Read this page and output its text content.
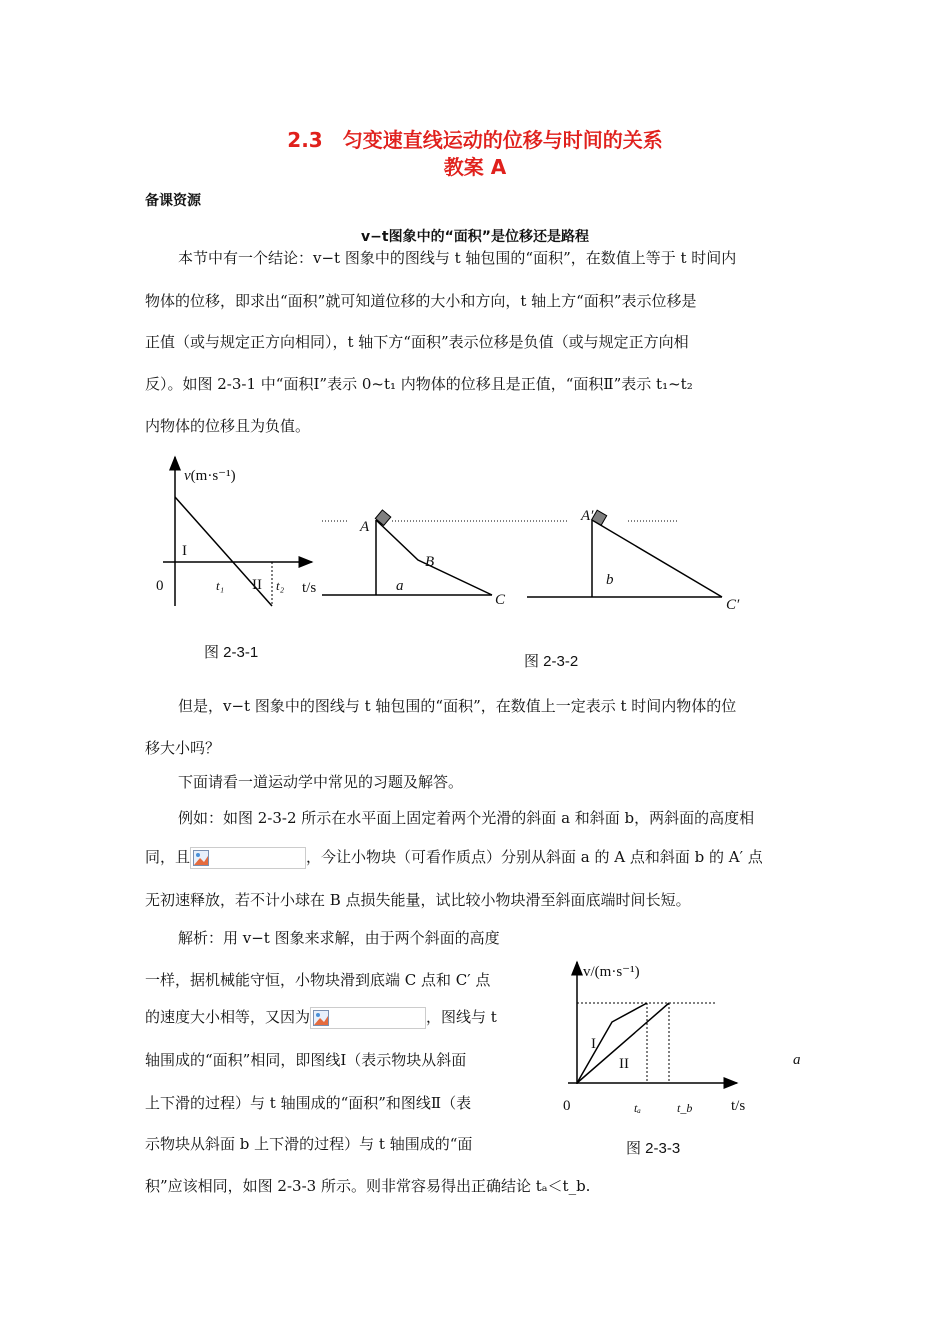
2.3　匀变速直线运动的位移与时间的关系
教案 A
备课资源
v−t图象中的“面积”是位移还是路程
本节中有一个结论：v−t 图象中的图线与 t 轴包围的“面积”，在数值上等于 t 时间内
物体的位移，即求出“面积”就可知道位移的大小和方向，t 轴上方“面积”表示位移是
正值（或与规定正方向相同），t 轴下方“面积”表示位移是负值（或与规定正方向相
反）。如图 2-3-1 中“面积Ⅰ”表示 0~t₁ 内物体的位移且是正值，“面积Ⅱ”表示 t₁~t₂
内物体的位移且为负值。
v(m·s⁻¹)
0
I
II
t₁	t₂ t/s
图 2-3-1
A
B
a
C
A′
b
C′
图 2-3-2
但是，v−t 图象中的图线与 t 轴包围的“面积”，在数值上一定表示 t 时间内物体的位
移大小吗？
下面请看一道运动学中常见的习题及解答。
例如：如图 2-3-2 所示在水平面上固定着两个光滑的斜面 a 和斜面 b，两斜面的高度相
同，且	，今让小物块（可看作质点）分别从斜面 a 的 A 点和斜面 b 的 A′ 点
无初速释放，若不计小球在 B 点损失能量，试比较小物块滑至斜面底端时间长短。
解析：用 v−t 图象来求解，由于两个斜面的高度
一样，据机械能守恒，小物块滑到底端 C 点和 C′ 点
的速度大小相等，又因为	，图线与 t
轴围成的“面积”相同，即图线Ⅰ（表示物块从斜面
上下滑的过程）与 t 轴围成的“面积”和图线Ⅱ（表
示物块从斜面 b 上下滑的过程）与 t 轴围成的“面
积”应该相同，如图 2-3-3 所示。则非常容易得出正确结论 tₐ＜t_b.
a
v/(m·s⁻¹)
I
II
0	tₐ	t_b	t/s
图 2-3-3
